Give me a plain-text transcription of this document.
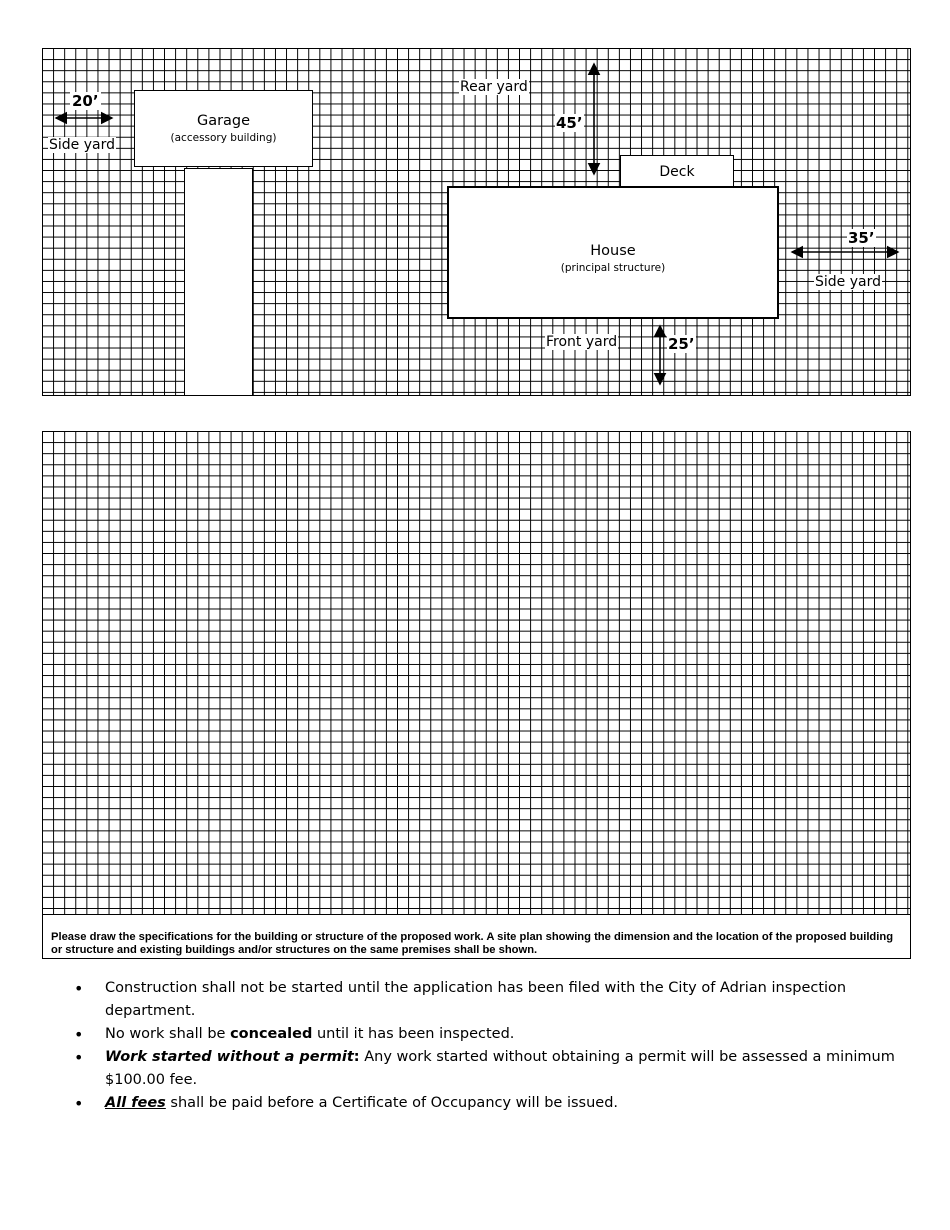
Garage
(accessory building)
Deck
House
(principal structure)
Rear yard
45’
20’
Side yard
35’
Side yard
Front yard	25’
Please draw the specifications for the building or structure of the proposed work. A site plan showing the dimension and the location of the proposed building or structure and existing buildings and/or structures on the same premises shall be shown.
• Construction shall not be started until the application has been filed with the City of Adrian inspection department.
• No work shall be concealed until it has been inspected.
• Work started without a permit: Any work started without obtaining a permit will be assessed a minimum $100.00 fee.
• All fees shall be paid before a Certificate of Occupancy will be issued.
